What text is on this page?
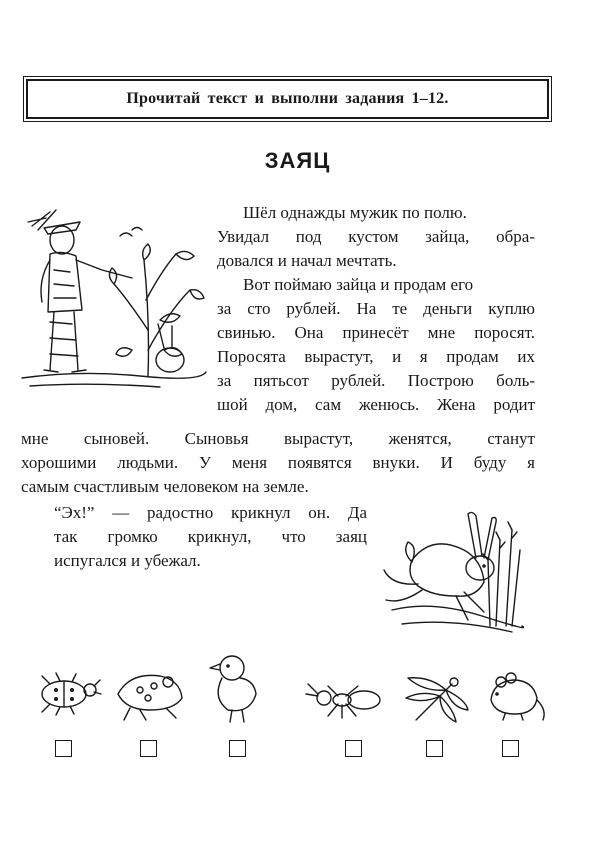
Прочитай текст и выполни задания 1–12.
ЗАЯЦ
Шёл однажды мужик по полю.
Увидал под кустом зайца, обра-
довался и начал мечтать.
Вот поймаю зайца и продам его
за сто рублей. На те деньги куплю
свинью. Она принесёт мне поросят.
Поросята вырастут, и я продам их
за пятьсот рублей. Построю боль-
шой дом, сам женюсь. Жена родит
мне сыновей. Сыновья вырастут, женятся, станут
хорошими людьми. У меня появятся внуки. И буду я
самым счастливым человеком на земле.
“Эх!” — радостно крикнул он. Да
так громко крикнул, что заяц
испугался и убежал.
